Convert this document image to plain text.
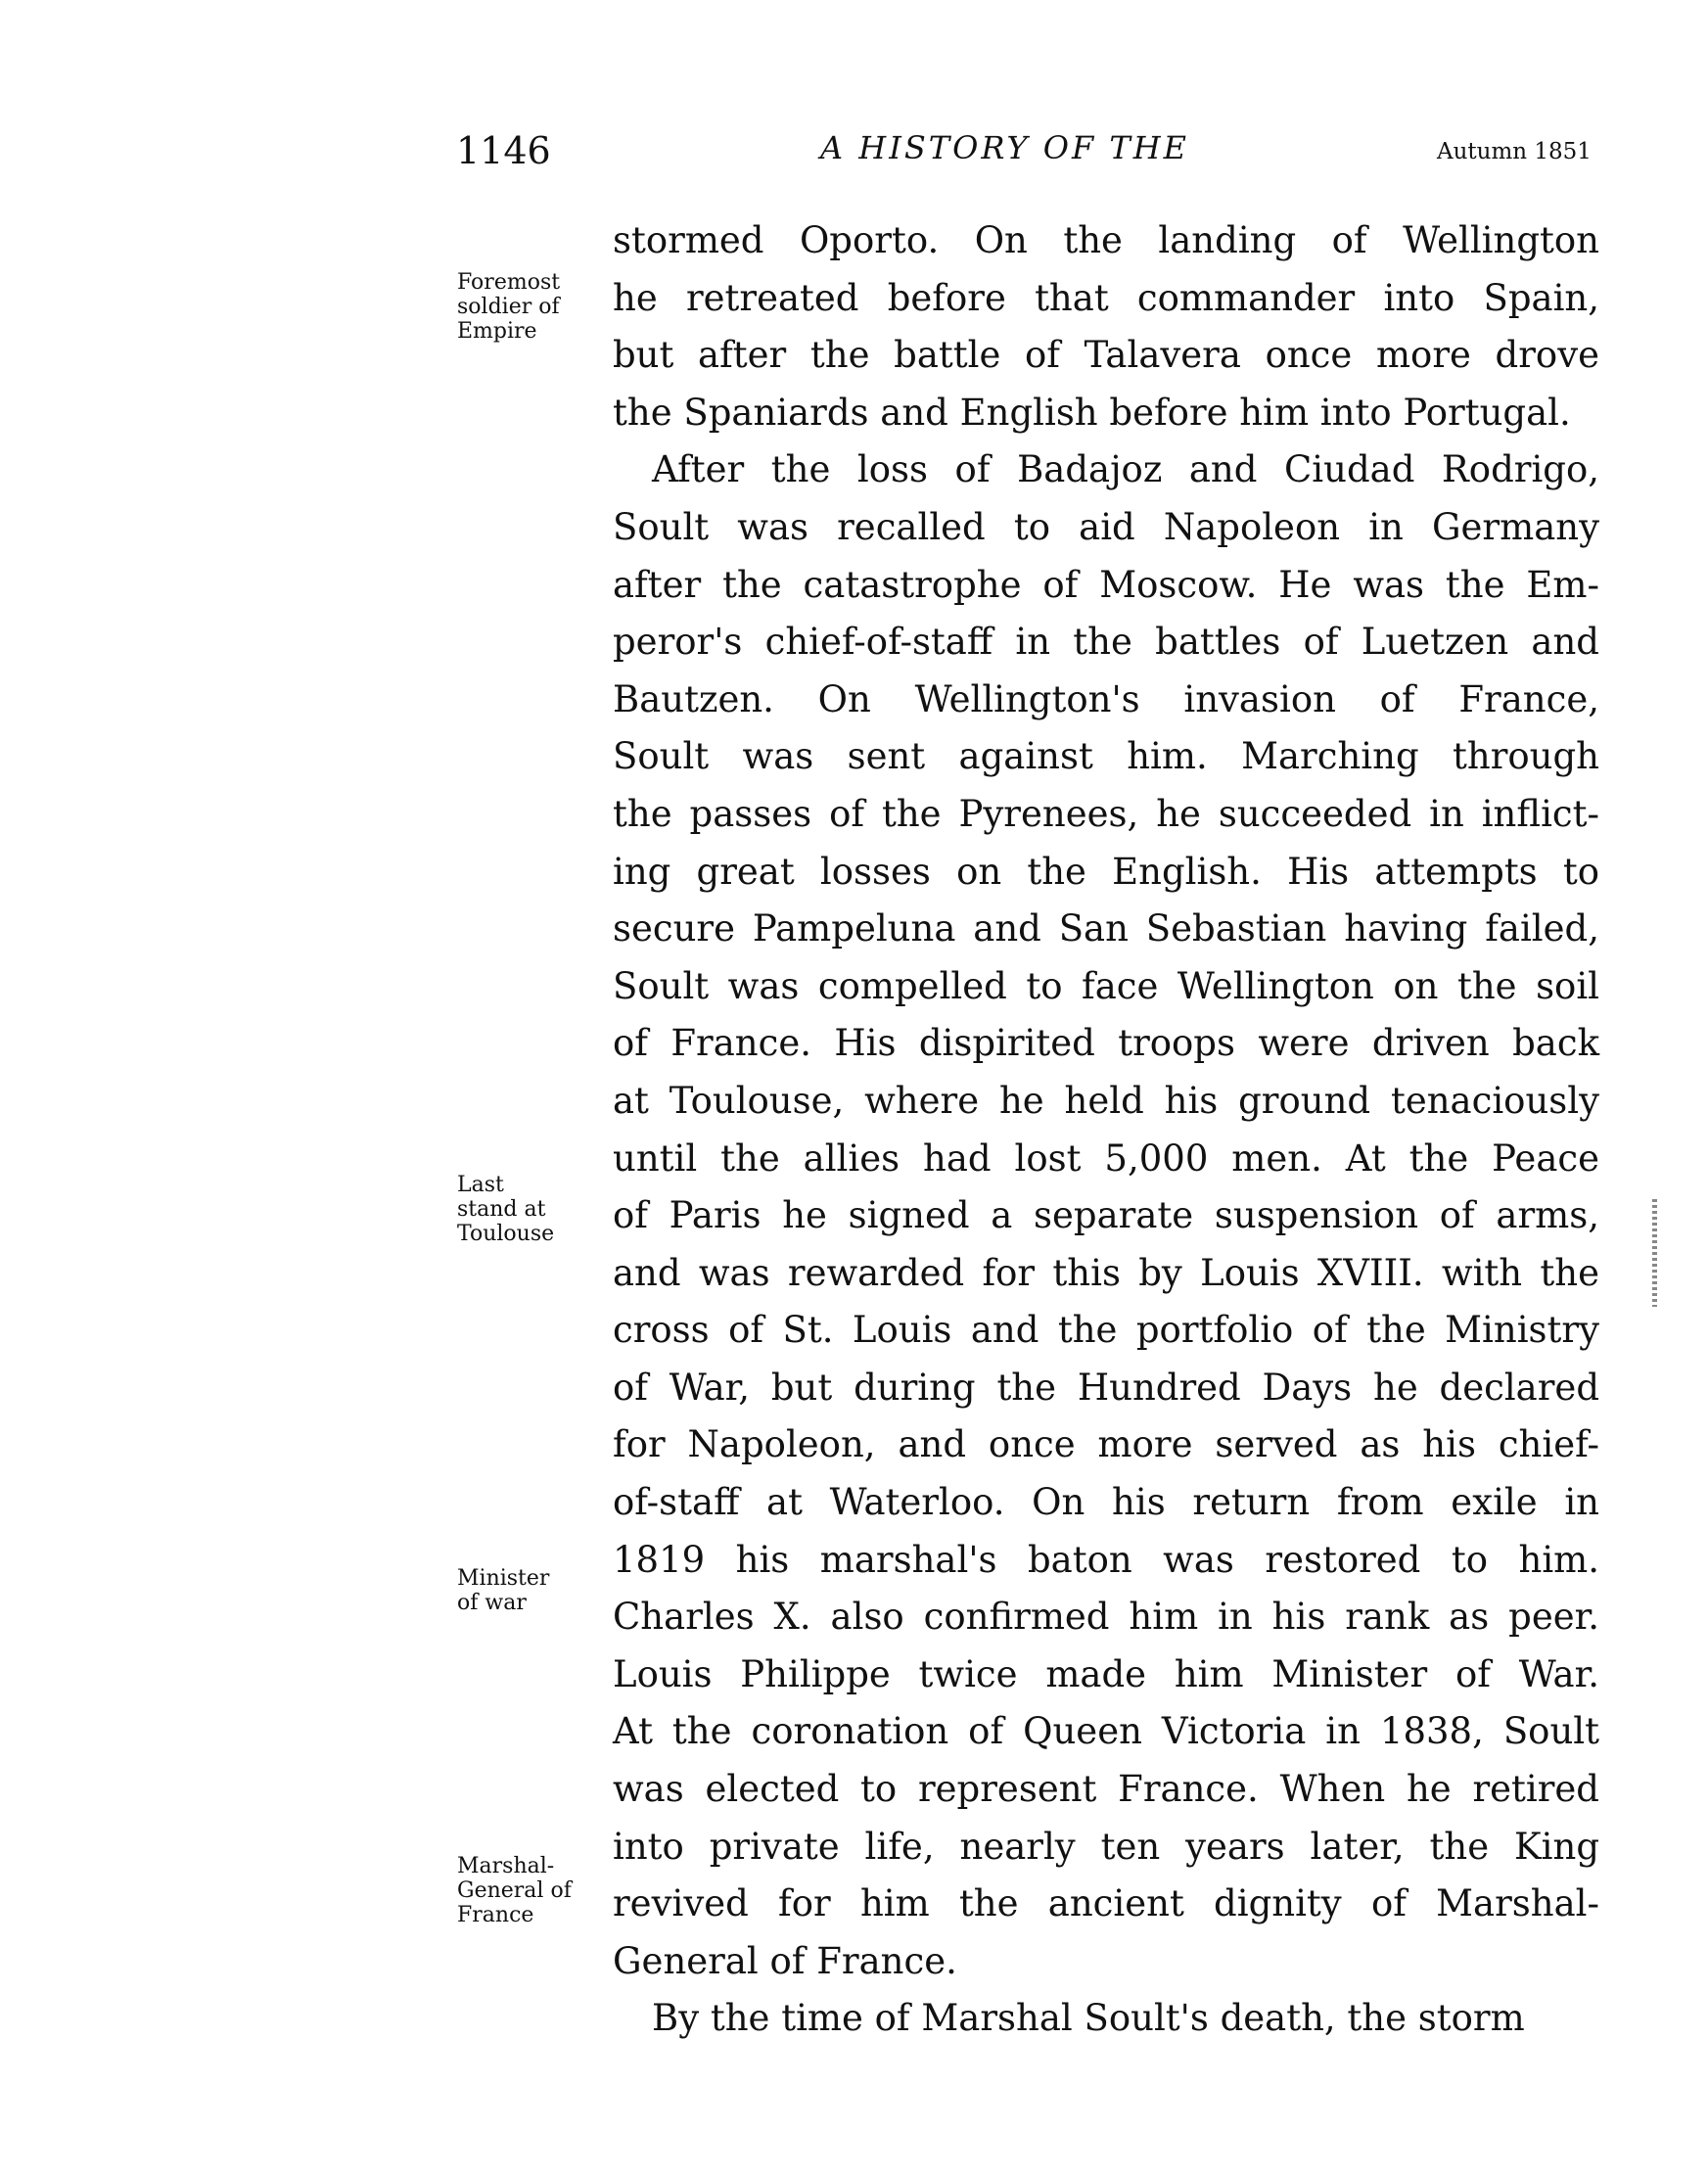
1146	A HISTORY OF THE	Autumn 1851
Foremost
soldier of
Empire
Last
stand at
Toulouse
Minister
of war
Marshal-
General of
France
stormed Oporto. On the landing of Wellington
he retreated before that commander into Spain,
but after the battle of Talavera once more drove
the Spaniards and English before him into Portugal.
After the loss of Badajoz and Ciudad Rodrigo,
Soult was recalled to aid Napoleon in Germany
after the catastrophe of Moscow. He was the Em-
peror's chief-of-staff in the battles of Luetzen and
Bautzen. On Wellington's invasion of France,
Soult was sent against him. Marching through
the passes of the Pyrenees, he succeeded in inflict-
ing great losses on the English. His attempts to
secure Pampeluna and San Sebastian having failed,
Soult was compelled to face Wellington on the soil
of France. His dispirited troops were driven back
at Toulouse, where he held his ground tenaciously
until the allies had lost 5,000 men. At the Peace
of Paris he signed a separate suspension of arms,
and was rewarded for this by Louis XVIII. with the
cross of St. Louis and the portfolio of the Ministry
of War, but during the Hundred Days he declared
for Napoleon, and once more served as his chief-
of-staff at Waterloo. On his return from exile in
1819 his marshal's baton was restored to him.
Charles X. also confirmed him in his rank as peer.
Louis Philippe twice made him Minister of War.
At the coronation of Queen Victoria in 1838, Soult
was elected to represent France. When he retired
into private life, nearly ten years later, the King
revived for him the ancient dignity of Marshal-
General of France.
By the time of Marshal Soult's death, the storm
